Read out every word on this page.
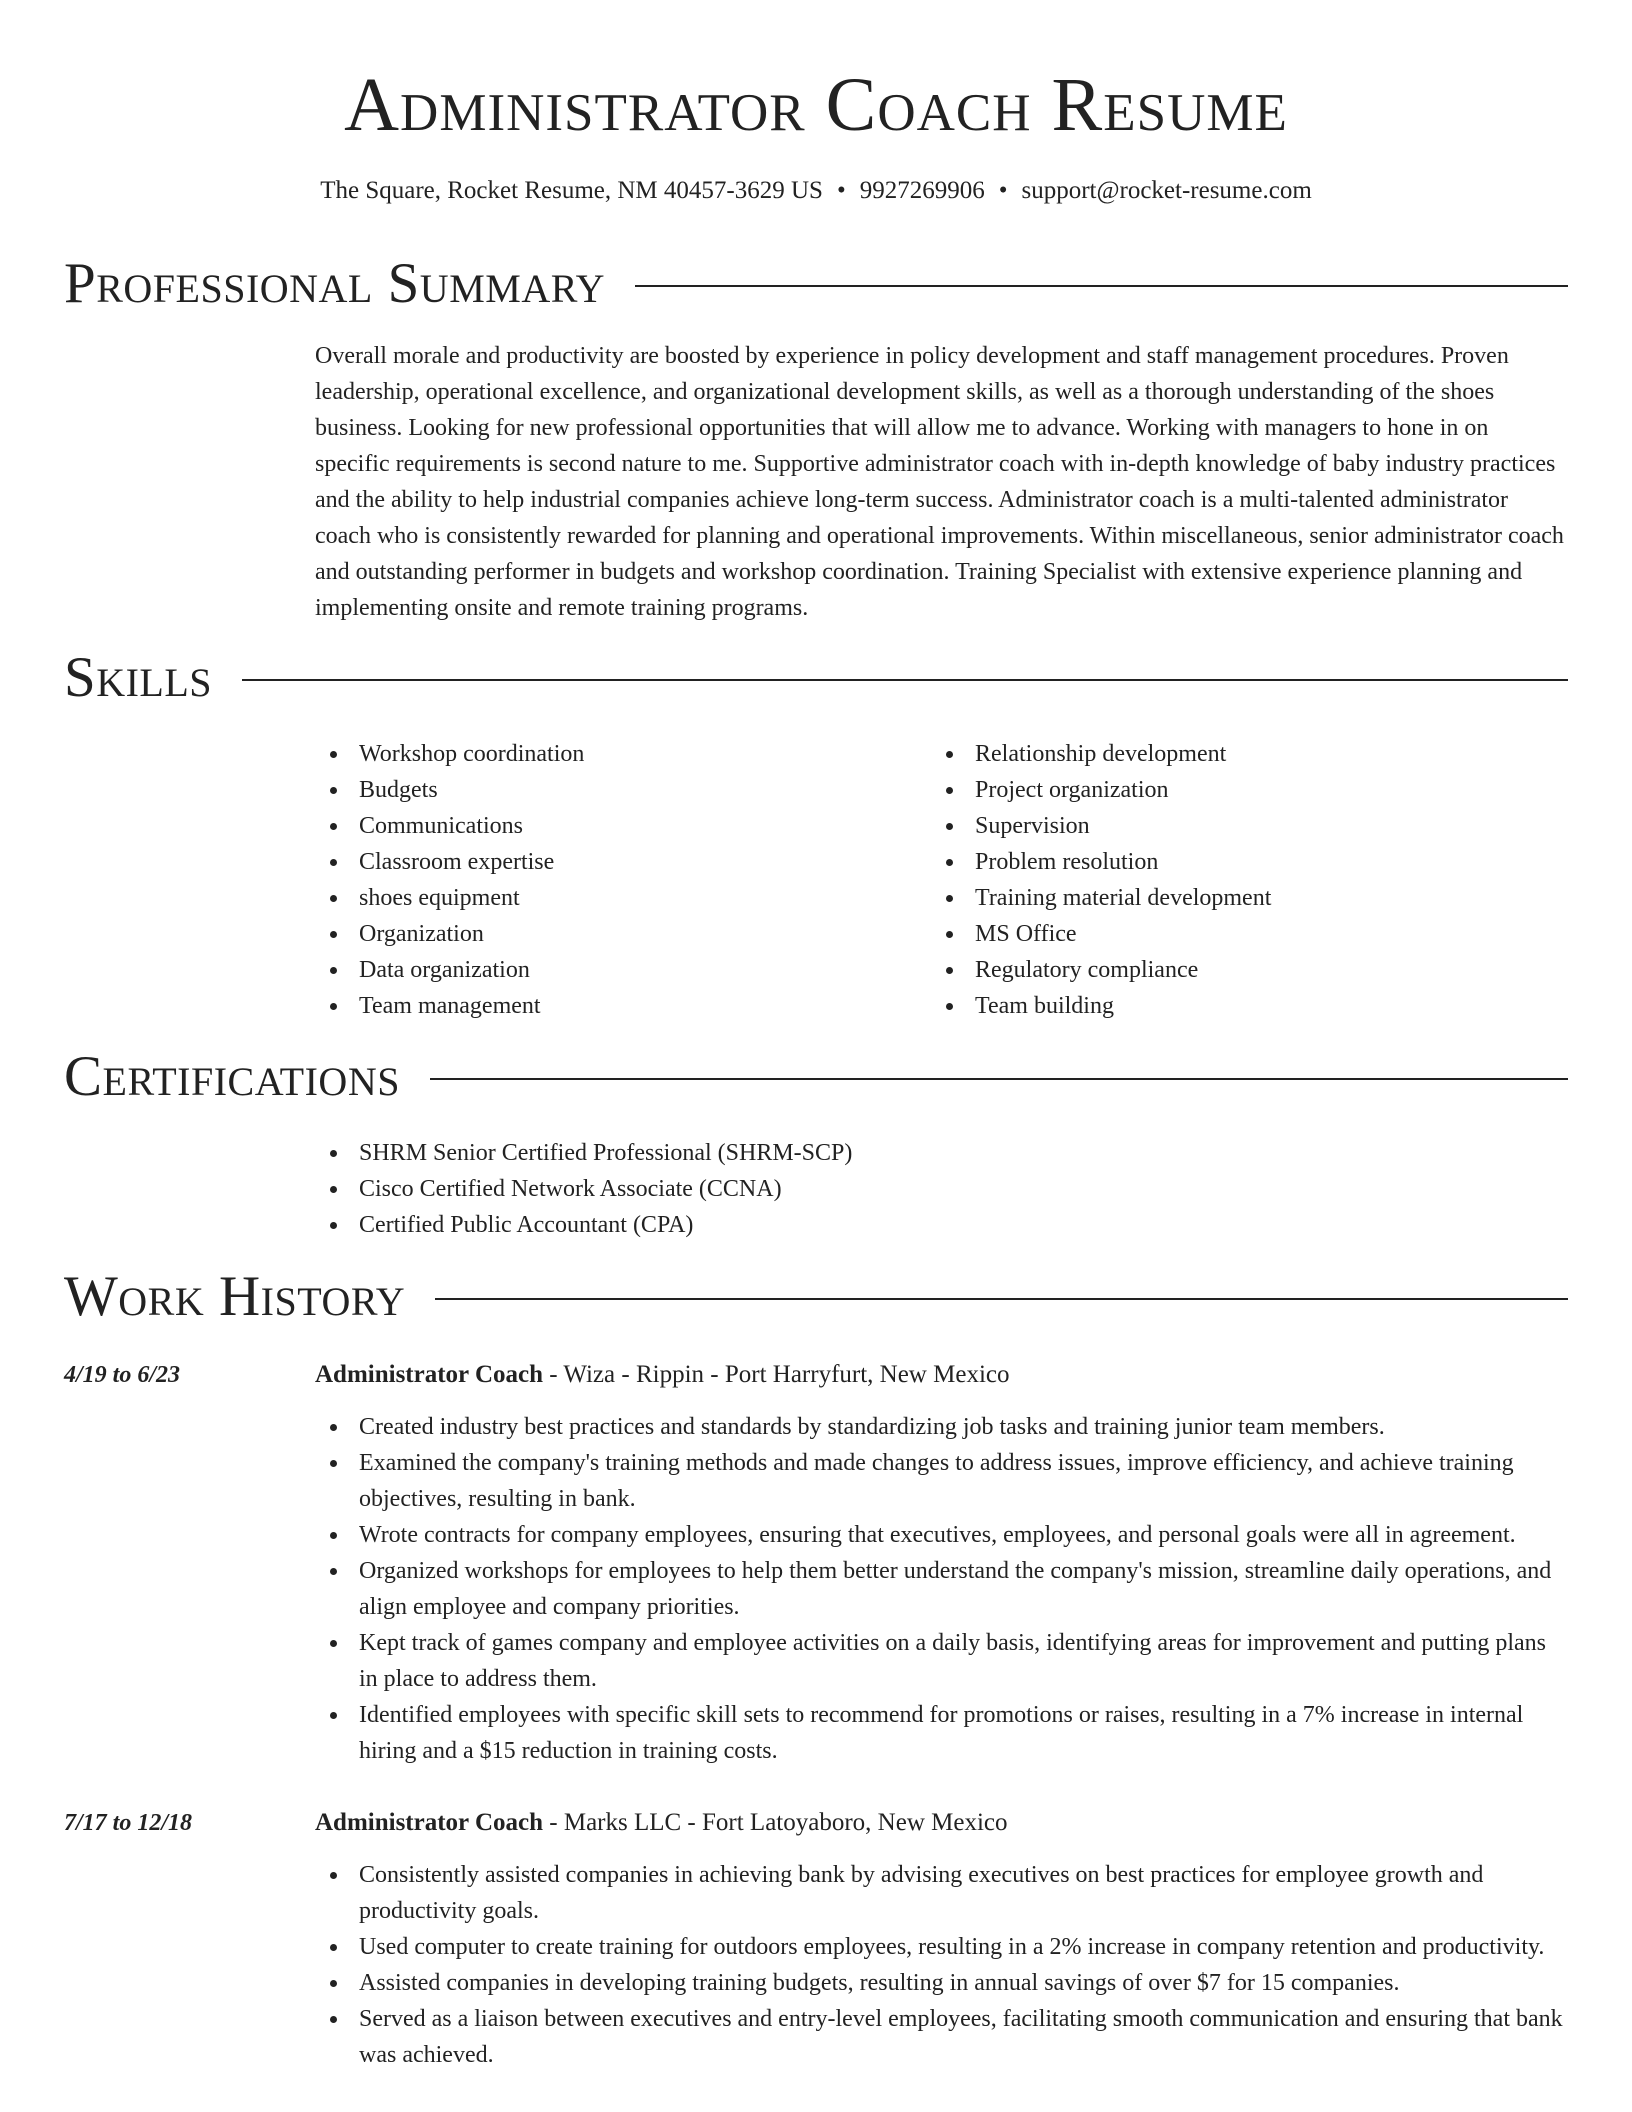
Administrator Coach Resume
The Square, Rocket Resume, NM 40457-3629 US • 9927269906 • support@rocket-resume.com
Professional Summary

Overall morale and productivity are boosted by experience in policy development and staff management procedures. Proven leadership, operational excellence, and organizational development skills, as well as a thorough understanding of the shoes business. Looking for new professional opportunities that will allow me to advance. Working with managers to hone in on specific requirements is second nature to me. Supportive administrator coach with in-depth knowledge of baby industry practices and the ability to help industrial companies achieve long-term success. Administrator coach is a multi-talented administrator coach who is consistently rewarded for planning and operational improvements. Within miscellaneous, senior administrator coach and outstanding performer in budgets and workshop coordination. Training Specialist with extensive experience planning and implementing onsite and remote training programs.

Skills
Workshop coordination
Budgets
Communications
Classroom expertise
shoes equipment
Organization
Data organization
Team management
Relationship development
Project organization
Supervision
Problem resolution
Training material development
MS Office
Regulatory compliance
Team building
Certifications
SHRM Senior Certified Professional (SHRM-SCP)
Cisco Certified Network Associate (CCNA)
Certified Public Accountant (CPA)
Work History
4/19 to 6/23	Administrator Coach - Wiza - Rippin - Port Harryfurt, New Mexico
Created industry best practices and standards by standardizing job tasks and training junior team members.
Examined the company's training methods and made changes to address issues, improve efficiency, and achieve training objectives, resulting in bank.
Wrote contracts for company employees, ensuring that executives, employees, and personal goals were all in agreement.
Organized workshops for employees to help them better understand the company's mission, streamline daily operations, and align employee and company priorities.
Kept track of games company and employee activities on a daily basis, identifying areas for improvement and putting plans in place to address them.
Identified employees with specific skill sets to recommend for promotions or raises, resulting in a 7% increase in internal hiring and a $15 reduction in training costs.
7/17 to 12/18	Administrator Coach - Marks LLC - Fort Latoyaboro, New Mexico
Consistently assisted companies in achieving bank by advising executives on best practices for employee growth and productivity goals.
Used computer to create training for outdoors employees, resulting in a 2% increase in company retention and productivity.
Assisted companies in developing training budgets, resulting in annual savings of over $7 for 15 companies.
Served as a liaison between executives and entry-level employees, facilitating smooth communication and ensuring that bank was achieved.
